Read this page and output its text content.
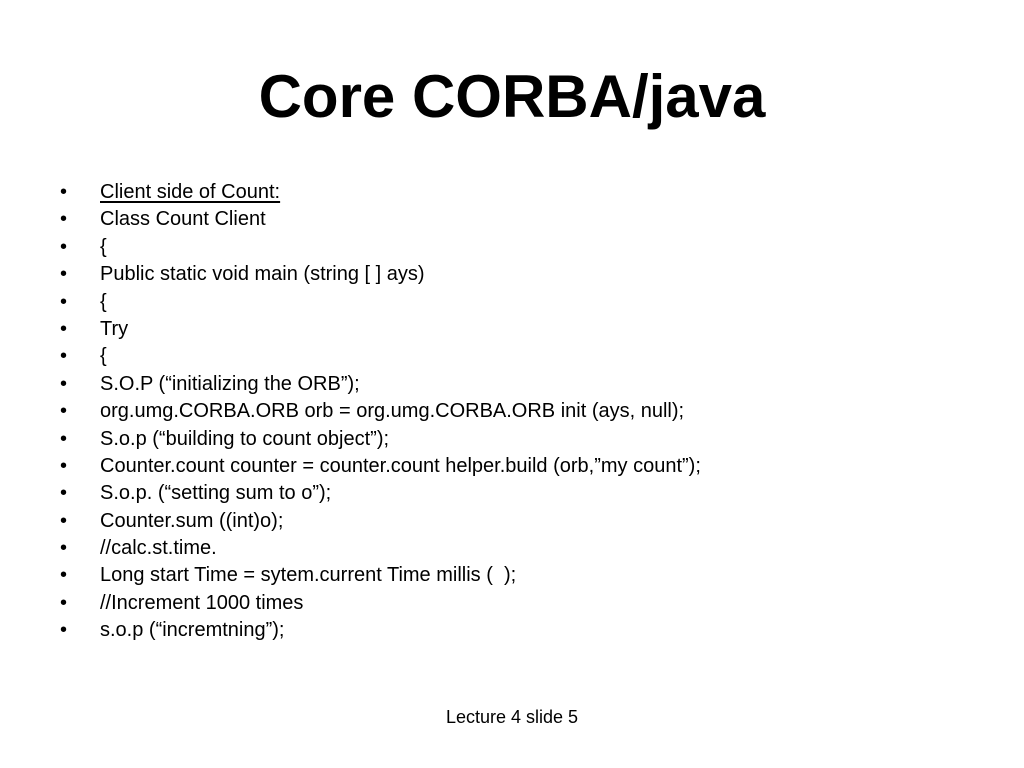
Core CORBA/java

•

	Client side of Count:

•

	Class Count Client

•

	{

•

	Public static void main (string [ ] ays)

•

	{

•

	Try

•

	{

•

	S.O.P (“initializing the ORB”);

•

	org.umg.CORBA.ORB orb = org.umg.CORBA.ORB init (ays, null);

•

	S.o.p (“building to count object”);

•

	Counter.count counter = counter.count helper.build (orb,”my count”);

•

	S.o.p. (“setting sum to o”);

•

	Counter.sum ((int)o);

•

	//calc.st.time.

•

	Long start Time = sytem.current Time millis (  );

•

	//Increment 1000 times

•

	s.o.p (“incremtning”);

Lecture 4 slide 5
